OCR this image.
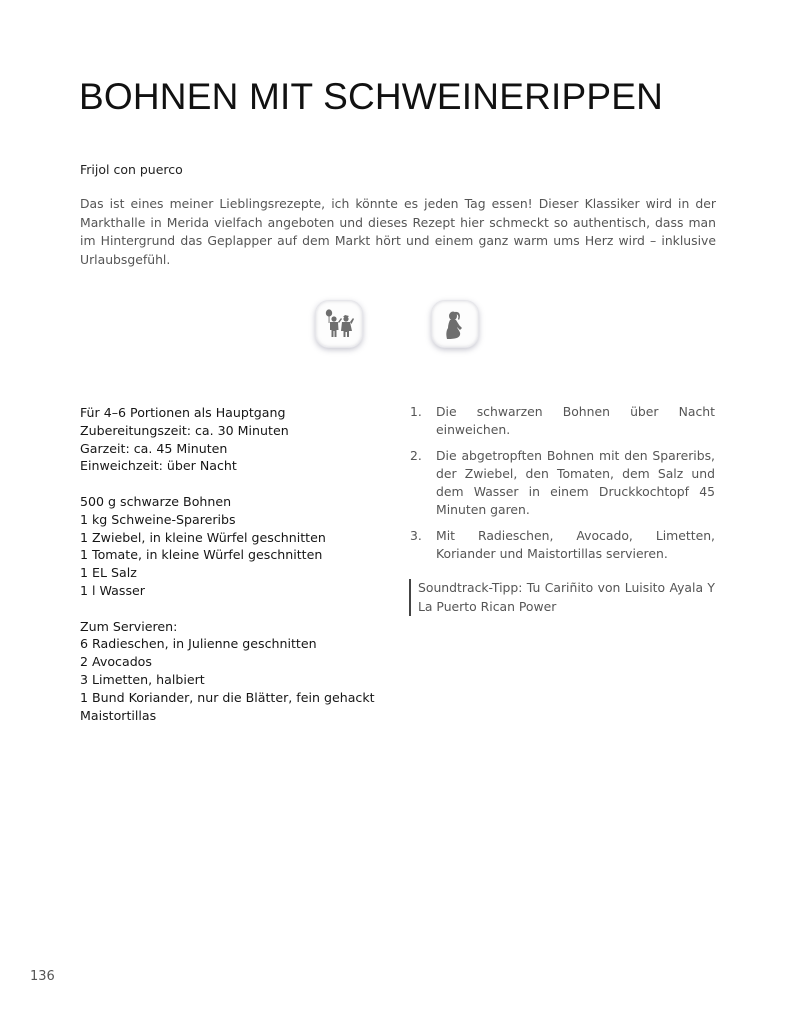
BOHNEN MIT SCHWEINERIPPEN
Frijol con puerco

Das ist eines meiner Lieblingsrezepte, ich könnte es jeden Tag essen! Dieser Klassiker wird in der Markthalle in Merida vielfach angeboten und dieses Rezept hier schmeckt so authentisch, dass man im Hintergrund das Geplapper auf dem Markt hört und einem ganz warm ums Herz wird – inklusive Urlaubsgefühl.

Für 4–6 Portionen als Hauptgang
Zubereitungszeit: ca. 30 Minuten
Garzeit: ca. 45 Minuten
Einweichzeit: über Nacht
500 g schwarze Bohnen
1 kg Schweine-Spareribs
1 Zwiebel, in kleine Würfel geschnitten
1 Tomate, in kleine Würfel geschnitten
1 EL Salz
1 l Wasser
Zum Servieren:
6 Radieschen, in Julienne geschnitten
2 Avocados
3 Limetten, halbiert
1 Bund Koriander, nur die Blätter, fein gehackt
Maistortillas
1. Die schwarzen Bohnen über Nacht einweichen.
2. Die abgetropften Bohnen mit den Spareribs, der Zwiebel, den Tomaten, dem Salz und dem Wasser in einem Druckkochtopf 45 Minuten garen.
3. Mit Radieschen, Avocado, Limetten, Koriander und Maistortillas servieren.
Soundtrack-Tipp: Tu Cariñito von Luisito Ayala Y La Puerto Rican Power
136
